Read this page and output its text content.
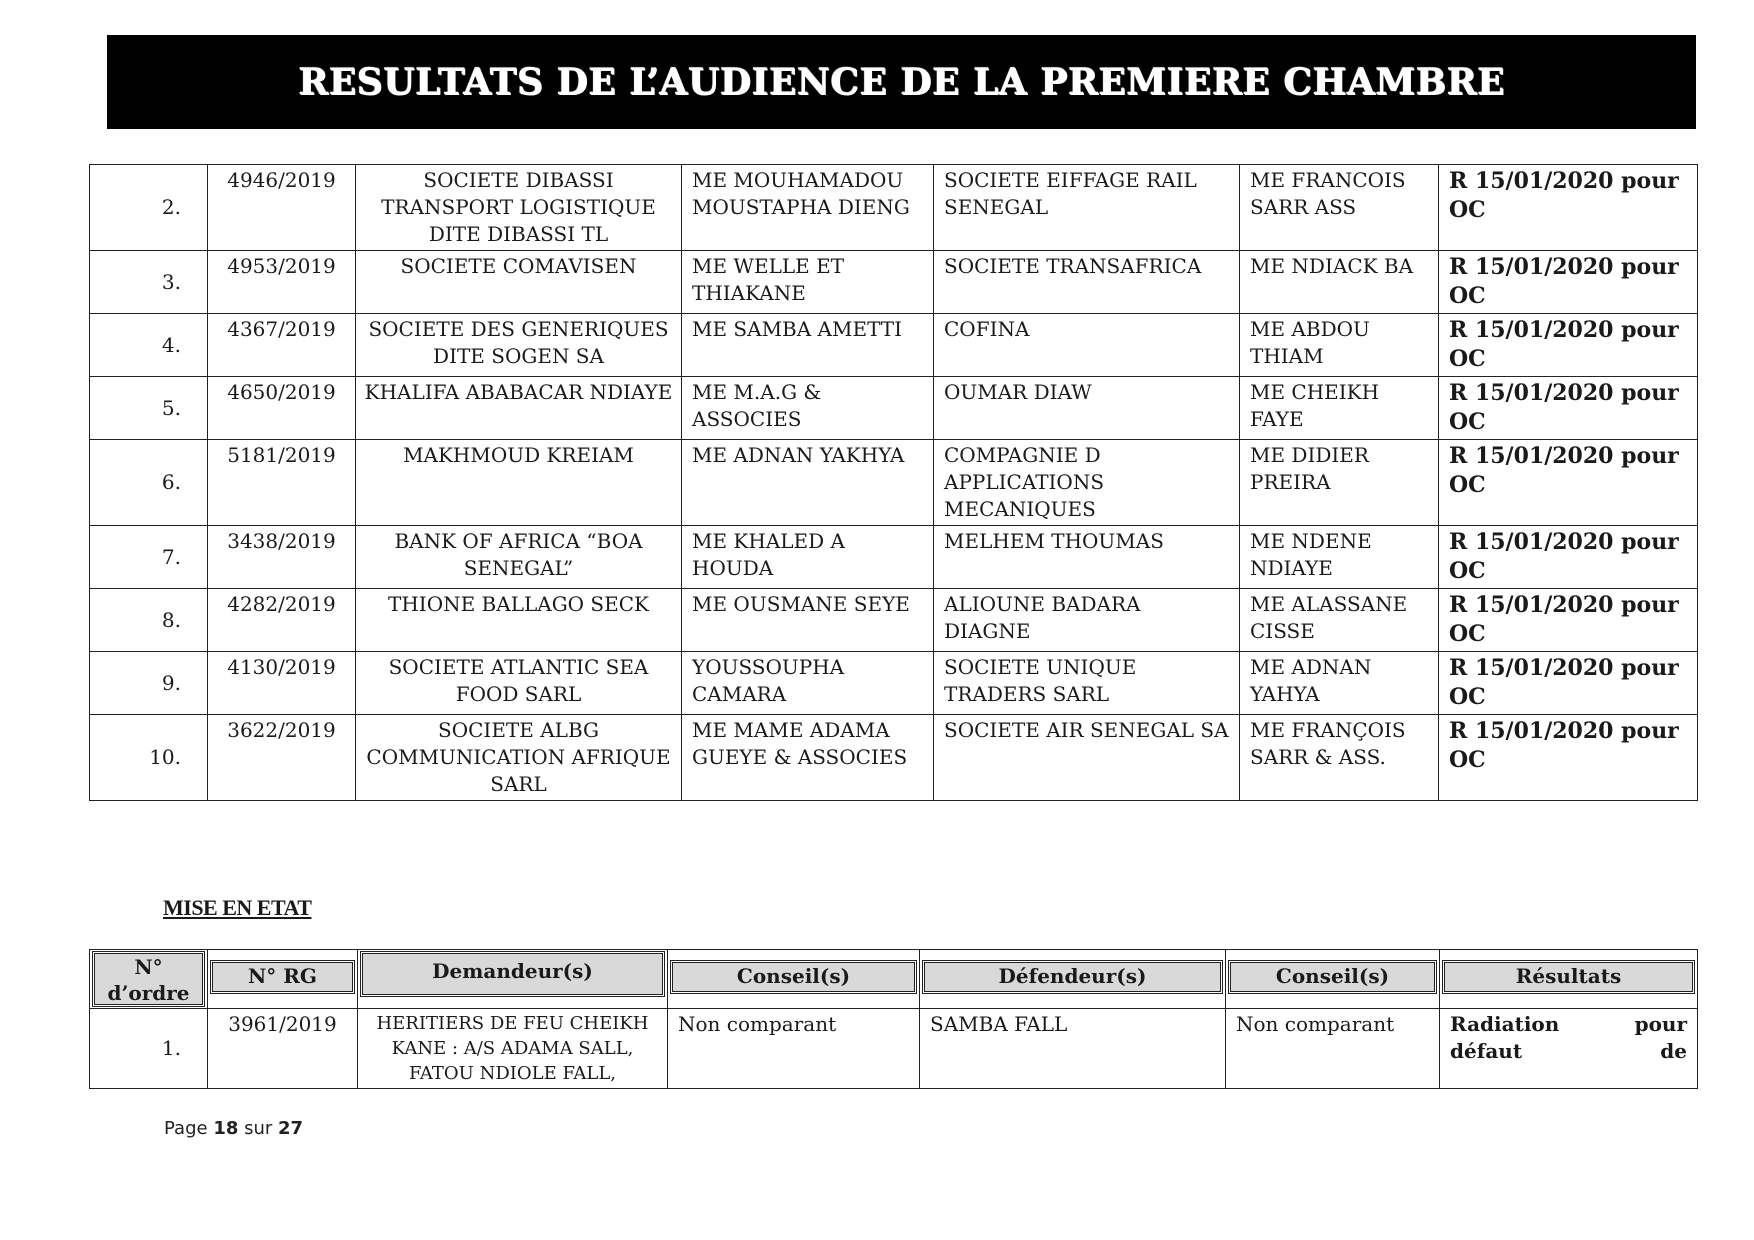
RESULTATS DE L’AUDIENCE DE LA PREMIERE CHAMBRE
2.	4946/2019	SOCIETE DIBASSI TRANSPORT LOGISTIQUE DITE DIBASSI TL	ME MOUHAMADOU MOUSTAPHA DIENG	SOCIETE EIFFAGE RAIL SENEGAL	ME FRANCOIS SARR ASS	R 15/01/2020 pour OC
3.	4953/2019	SOCIETE COMAVISEN	ME WELLE ET THIAKANE	SOCIETE TRANSAFRICA	ME NDIACK BA	R 15/01/2020 pour OC
4.	4367/2019	SOCIETE DES GENERIQUES DITE SOGEN SA	ME SAMBA AMETTI	COFINA	ME ABDOU THIAM	R 15/01/2020 pour OC
5.	4650/2019	KHALIFA ABABACAR NDIAYE	ME M.A.G & ASSOCIES	OUMAR DIAW	ME CHEIKH FAYE	R 15/01/2020 pour OC
6.	5181/2019	MAKHMOUD KREIAM	ME ADNAN YAKHYA	COMPAGNIE D APPLICATIONS MECANIQUES	ME DIDIER PREIRA	R 15/01/2020 pour OC
7.	3438/2019	BANK OF AFRICA “BOA SENEGAL”	ME KHALED A HOUDA	MELHEM THOUMAS	ME NDENE NDIAYE	R 15/01/2020 pour OC
8.	4282/2019	THIONE BALLAGO SECK	ME OUSMANE SEYE	ALIOUNE BADARA DIAGNE	ME ALASSANE CISSE	R 15/01/2020 pour OC
9.	4130/2019	SOCIETE ATLANTIC SEA FOOD SARL	YOUSSOUPHA CAMARA	SOCIETE UNIQUE TRADERS SARL	ME ADNAN YAHYA	R 15/01/2020 pour OC
10.	3622/2019	SOCIETE ALBG COMMUNICATION AFRIQUE SARL	ME MAME ADAMA GUEYE & ASSOCIES	SOCIETE AIR SENEGAL SA	ME FRANÇOIS SARR & ASS.	R 15/01/2020 pour OC
MISE EN ETAT
N° d’ordre	N° RG	Demandeur(s)	Conseil(s)	Défendeur(s)	Conseil(s)	Résultats

1.	3961/2019	HERITIERS DE FEU CHEIKH KANE : A/S ADAMA SALL, FATOU NDIOLE FALL,	Non comparant	SAMBA FALL	Non comparant	Radiation pour défaut de
Page 18 sur 27
